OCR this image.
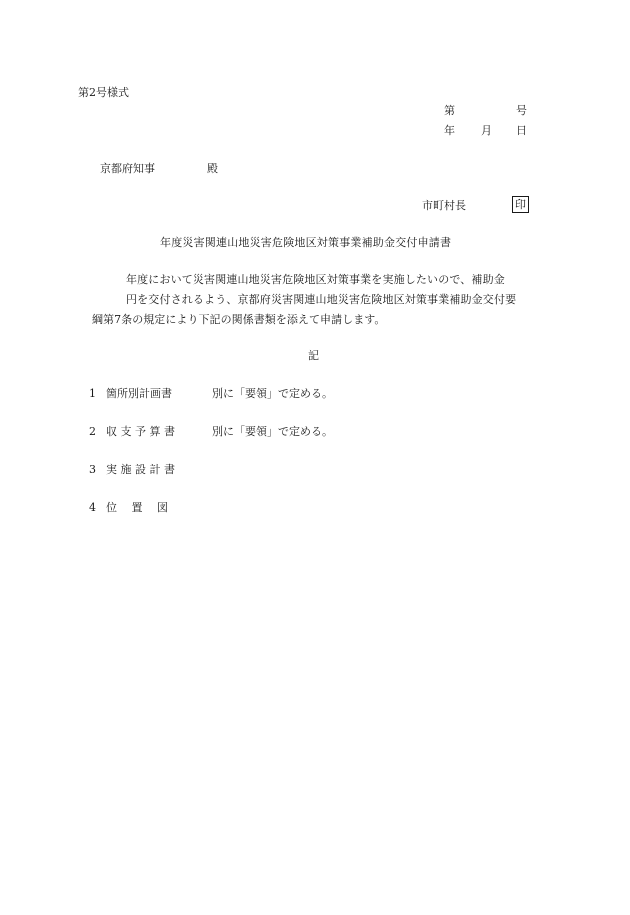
第2号様式
第	号
年 月 日
京都府知事	殿
市町村長	印
年度災害関連山地災害危険地区対策事業補助金交付申請書
年度において災害関連山地災害危険地区対策事業を実施したいので、補助金
円を交付されるよう、京都府災害関連山地災害危険地区対策事業補助金交付要
綱第7条の規定により下記の関係書類を添えて申請します。
記
1 箇所別計画書	別に「要領」で定める。
2 収 支 予 算 書	別に「要領」で定める。
3 実 施 設 計 書
4 位　 置　 図
